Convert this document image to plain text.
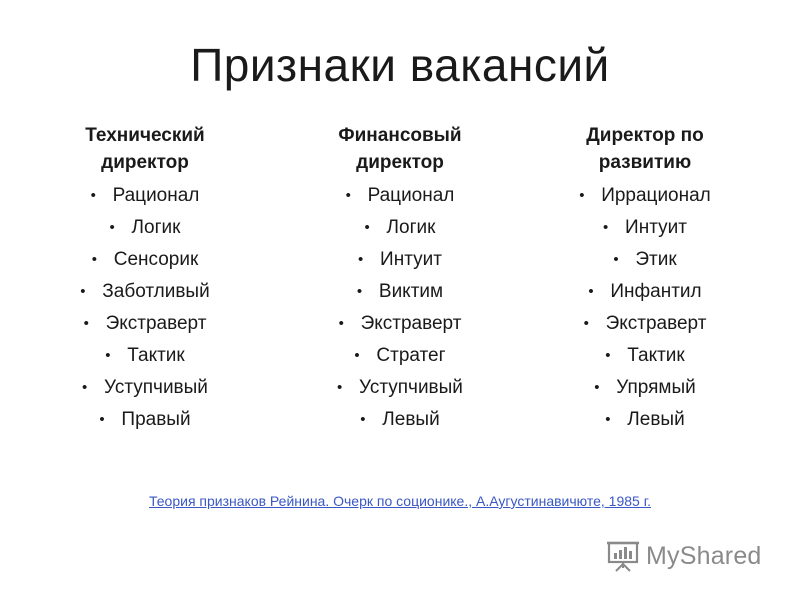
Признаки вакансий
Технический
директор
• Рационал
• Логик
• Сенсорик
• Заботливый
• Экстраверт
• Тактик
• Уступчивый
• Правый
Финансовый
директор
• Рационал
• Логик
• Интуит
• Виктим
• Экстраверт
• Стратег
• Уступчивый
• Левый
Директор по
развитию
• Иррационал
• Интуит
• Этик
• Инфантил
• Экстраверт
• Тактик
• Упрямый
• Левый
Теория признаков Рейнина. Очерк по соционике., А.Аугустинавичюте, 1985 г.
MyShared
